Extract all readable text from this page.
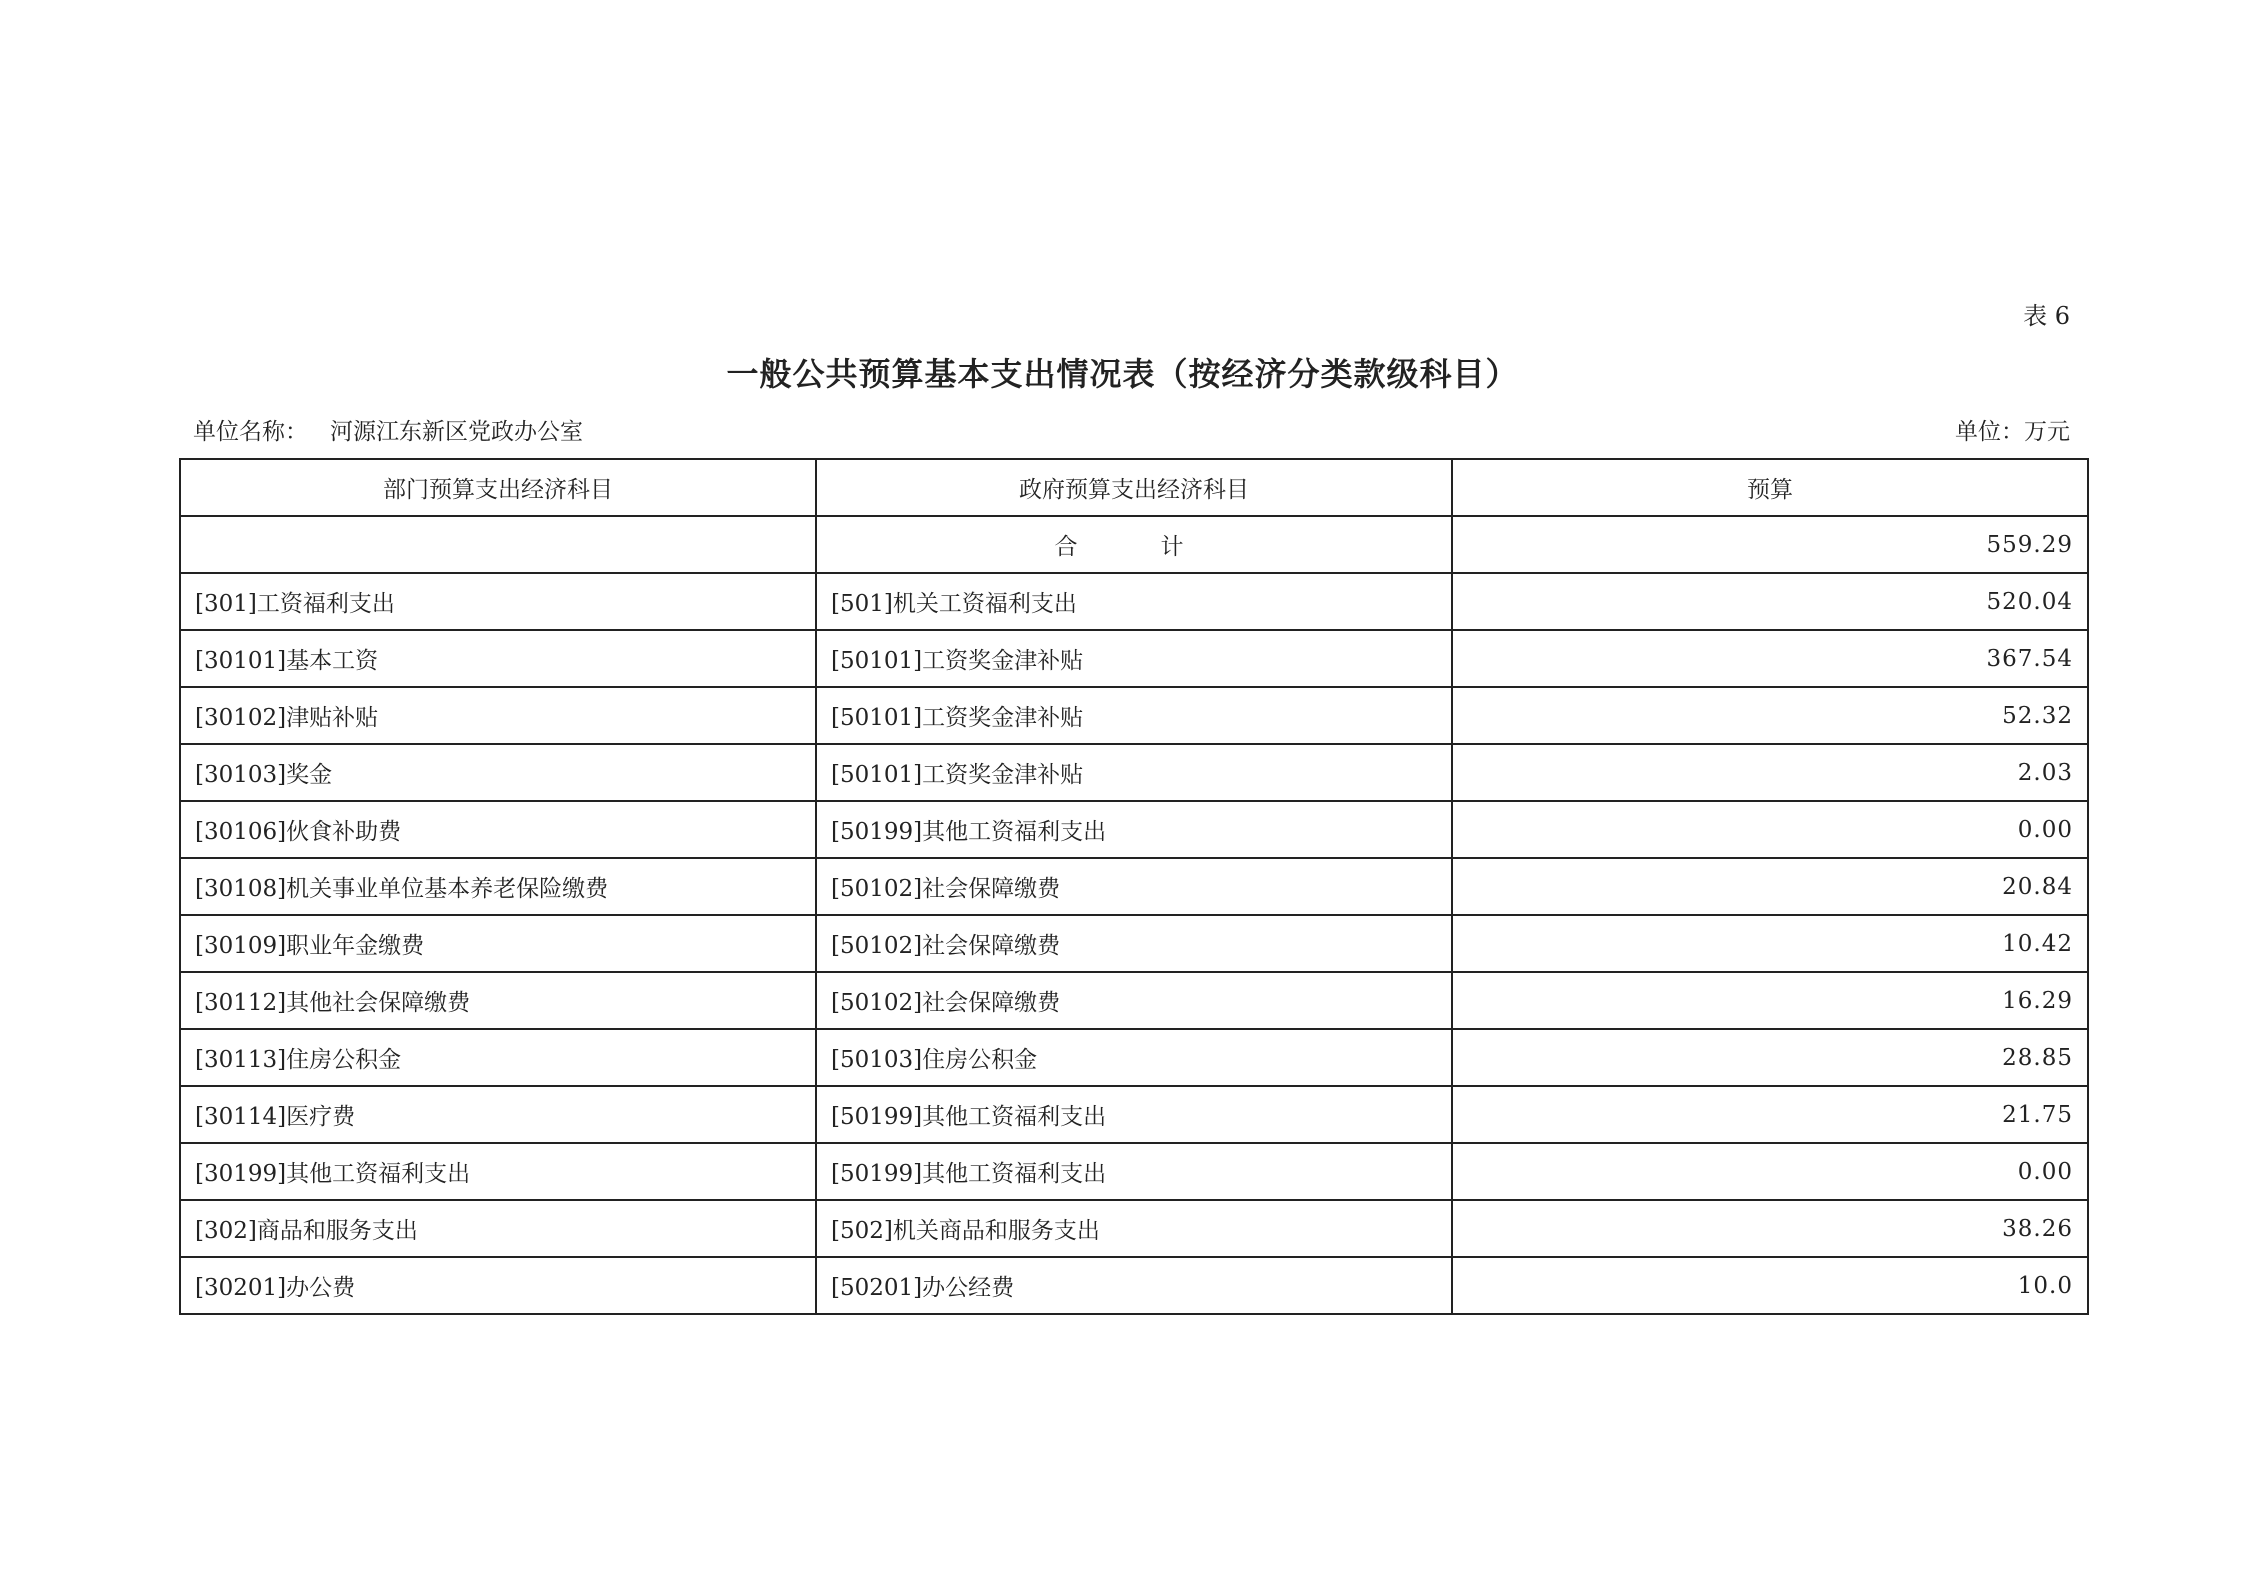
表 6
一般公共预算基本支出情况表（按经济分类款级科目）
单位名称： 河源江东新区党政办公室	单位：万元
部门预算支出经济科目	政府预算支出经济科目	预算
	合　计	559.29
[301]工资福利支出	[501]机关工资福利支出	520.04
[30101]基本工资	[50101]工资奖金津补贴	367.54
[30102]津贴补贴	[50101]工资奖金津补贴	52.32
[30103]奖金	[50101]工资奖金津补贴	2.03
[30106]伙食补助费	[50199]其他工资福利支出	0.00
[30108]机关事业单位基本养老保险缴费	[50102]社会保障缴费	20.84
[30109]职业年金缴费	[50102]社会保障缴费	10.42
[30112]其他社会保障缴费	[50102]社会保障缴费	16.29
[30113]住房公积金	[50103]住房公积金	28.85
[30114]医疗费	[50199]其他工资福利支出	21.75
[30199]其他工资福利支出	[50199]其他工资福利支出	0.00
[302]商品和服务支出	[502]机关商品和服务支出	38.26
[30201]办公费	[50201]办公经费	10.0
